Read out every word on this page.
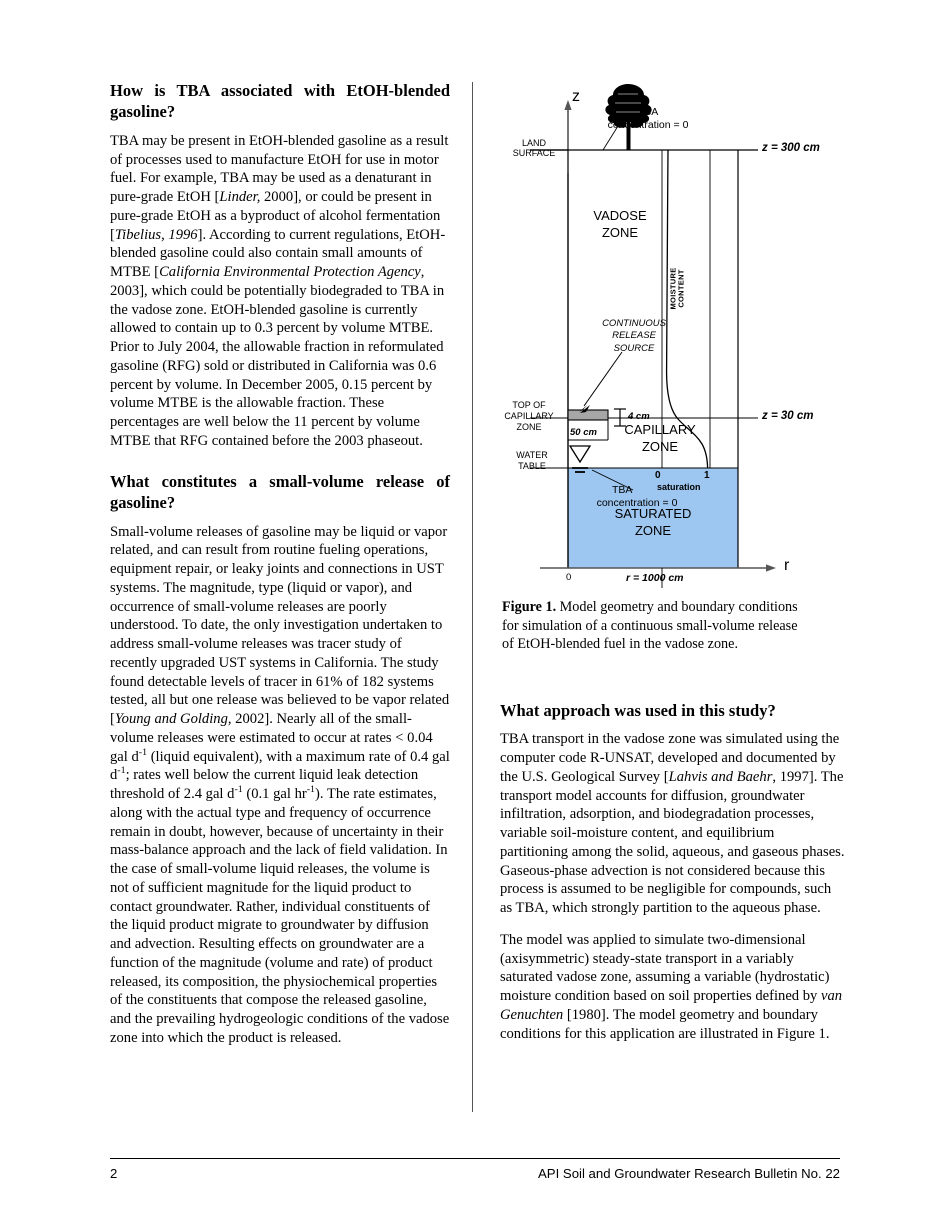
How is TBA associated with EtOH-blended gasoline?

TBA may be present in EtOH-blended gasoline as a result of processes used to manufacture EtOH for use in motor fuel. For example, TBA may be used as a denaturant in pure-grade EtOH [Linder, 2000], or could be present in pure-grade EtOH as a byproduct of alcohol fermentation [Tibelius, 1996]. According to current regulations, EtOH-blended gasoline could also contain small amounts of MTBE [California Environmental Protection Agency, 2003], which could be potentially biodegraded to TBA in the vadose zone. EtOH-blended gasoline is currently allowed to contain up to 0.3 percent by volume MTBE. Prior to July 2004, the allowable fraction in reformulated gasoline (RFG) sold or distributed in California was 0.6 percent by volume. In December 2005, 0.15 percent by volume MTBE is the allowable fraction. These percentages are well below the 11 percent by volume MTBE that RFG contained before the 2003 phaseout.

What constitutes a small-volume release of gasoline?

Small-volume releases of gasoline may be liquid or vapor related, and can result from routine fueling operations, equipment repair, or leaky joints and connections in UST systems. The magnitude, type (liquid or vapor), and occurrence of small-volume releases are poorly understood. To date, the only investigation undertaken to address small-volume releases was tracer study of recently upgraded UST systems in California. The study found detectable levels of tracer in 61% of 182 systems tested, all but one release was believed to be vapor related [Young and Golding, 2002]. Nearly all of the small-volume releases were estimated to occur at rates < 0.04 gal $d^{-1}$ (liquid equivalent), with a maximum rate of 0.4 gal $d^{-1}$; rates well below the current liquid leak detection threshold of 2.4 gal $d^{-1}$ (0.1 gal $hr^{-1}$). The rate estimates, along with the actual type and frequency of occurrence remain in doubt, however, because of uncertainty in their mass-balance approach and the lack of field validation. In the case of small-volume liquid releases, the volume is not of sufficient magnitude for the liquid product to contact groundwater. Rather, individual constituents of the liquid product migrate to groundwater by diffusion and advection. Resulting effects on groundwater are a function of the magnitude (volume and rate) of product released, its composition, the physiochemical properties of the constituents that compose the released gasoline, and the prevailing hydrogeologic conditions of the vadose zone into which the product is released.

z
r
LAND
SURFACE
TBA
concentration = 0
z = 300 cm
VADOSE
ZONE
MOISTURE CONTENT
CONTINUOUS
RELEASE
SOURCE
TOP OF
CAPILLARY
ZONE
4 cm
50 cm	CAPILLARY
ZONE
z = 30 cm
WATER
TABLE
TBA
concentration = 0
0	1
saturation
SATURATED
ZONE
0	r = 1000 cm
Figure 1. Model geometry and boundary conditions for simulation of a continuous small-volume release of EtOH-blended fuel in the vadose zone.
What approach was used in this study?

TBA transport in the vadose zone was simulated using the computer code R-UNSAT, developed and documented by the U.S. Geological Survey [Lahvis and Baehr, 1997]. The transport model accounts for diffusion, groundwater infiltration, adsorption, and biodegradation processes, variable soil-moisture content, and equilibrium partitioning among the solid, aqueous, and gaseous phases. Gaseous-phase advection is not considered because this process is assumed to be negligible for compounds, such as TBA, which strongly partition to the aqueous phase.

The model was applied to simulate two-dimensional (axisymmetric) steady-state transport in a variably saturated vadose zone, assuming a variable (hydrostatic) moisture condition based on soil properties defined by van Genuchten [1980]. The model geometry and boundary conditions for this application are illustrated in Figure 1.

2	API Soil and Groundwater Research Bulletin No. 22
